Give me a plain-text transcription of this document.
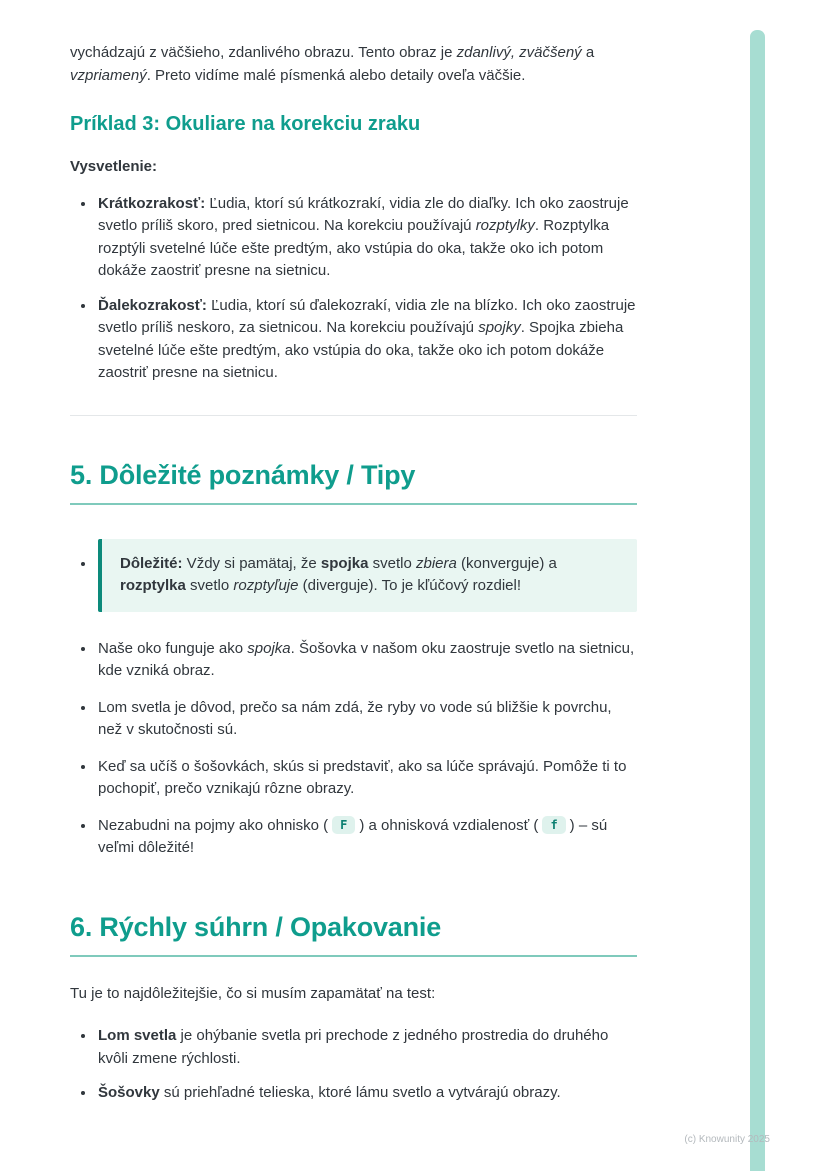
vychádzajú z väčšieho, zdanlivého obrazu. Tento obraz je zdanlivý, zväčšený a vzpriamený. Preto vidíme malé písmenká alebo detaily oveľa väčšie.

Príklad 3: Okuliare na korekciu zraku

Vysvetlenie:

• Krátkozrakosť: Ľudia, ktorí sú krátkozrakí, vidia zle do diaľky. Ich oko zaostruje svetlo príliš skoro, pred sietnicou. Na korekciu používajú rozptylky. Rozptylka rozptýli svetelné lúče ešte predtým, ako vstúpia do oka, takže oko ich potom dokáže zaostriť presne na sietnicu.
• Ďalekozrakosť: Ľudia, ktorí sú ďalekozrakí, vidia zle na blízko. Ich oko zaostruje svetlo príliš neskoro, za sietnicou. Na korekciu používajú spojky. Spojka zbieha svetelné lúče ešte predtým, ako vstúpia do oka, takže oko ich potom dokáže zaostriť presne na sietnicu.
5. Dôležité poznámky / Tipy
• Dôležité: Vždy si pamätaj, že spojka svetlo zbiera (konverguje) a rozptylka svetlo rozptyľuje (diverguje). To je kľúčový rozdiel!
• Naše oko funguje ako spojka. Šošovka v našom oku zaostruje svetlo na sietnicu, kde vzniká obraz.
• Lom svetla je dôvod, prečo sa nám zdá, že ryby vo vode sú bližšie k povrchu, než v skutočnosti sú.
• Keď sa učíš o šošovkách, skús si predstaviť, ako sa lúče správajú. Pomôže ti to pochopiť, prečo vznikajú rôzne obrazy.
• Nezabudni na pojmy ako ohnisko ( F ) a ohnisková vzdialenosť ( f ) – sú veľmi dôležité!
6. Rýchly súhrn / Opakovanie

Tu je to najdôležitejšie, čo si musím zapamätať na test:

• Lom svetla je ohýbanie svetla pri prechode z jedného prostredia do druhého kvôli zmene rýchlosti.
• Šošovky sú priehľadné telieska, ktoré lámu svetlo a vytvárajú obrazy.
(c) Knowunity 2025
